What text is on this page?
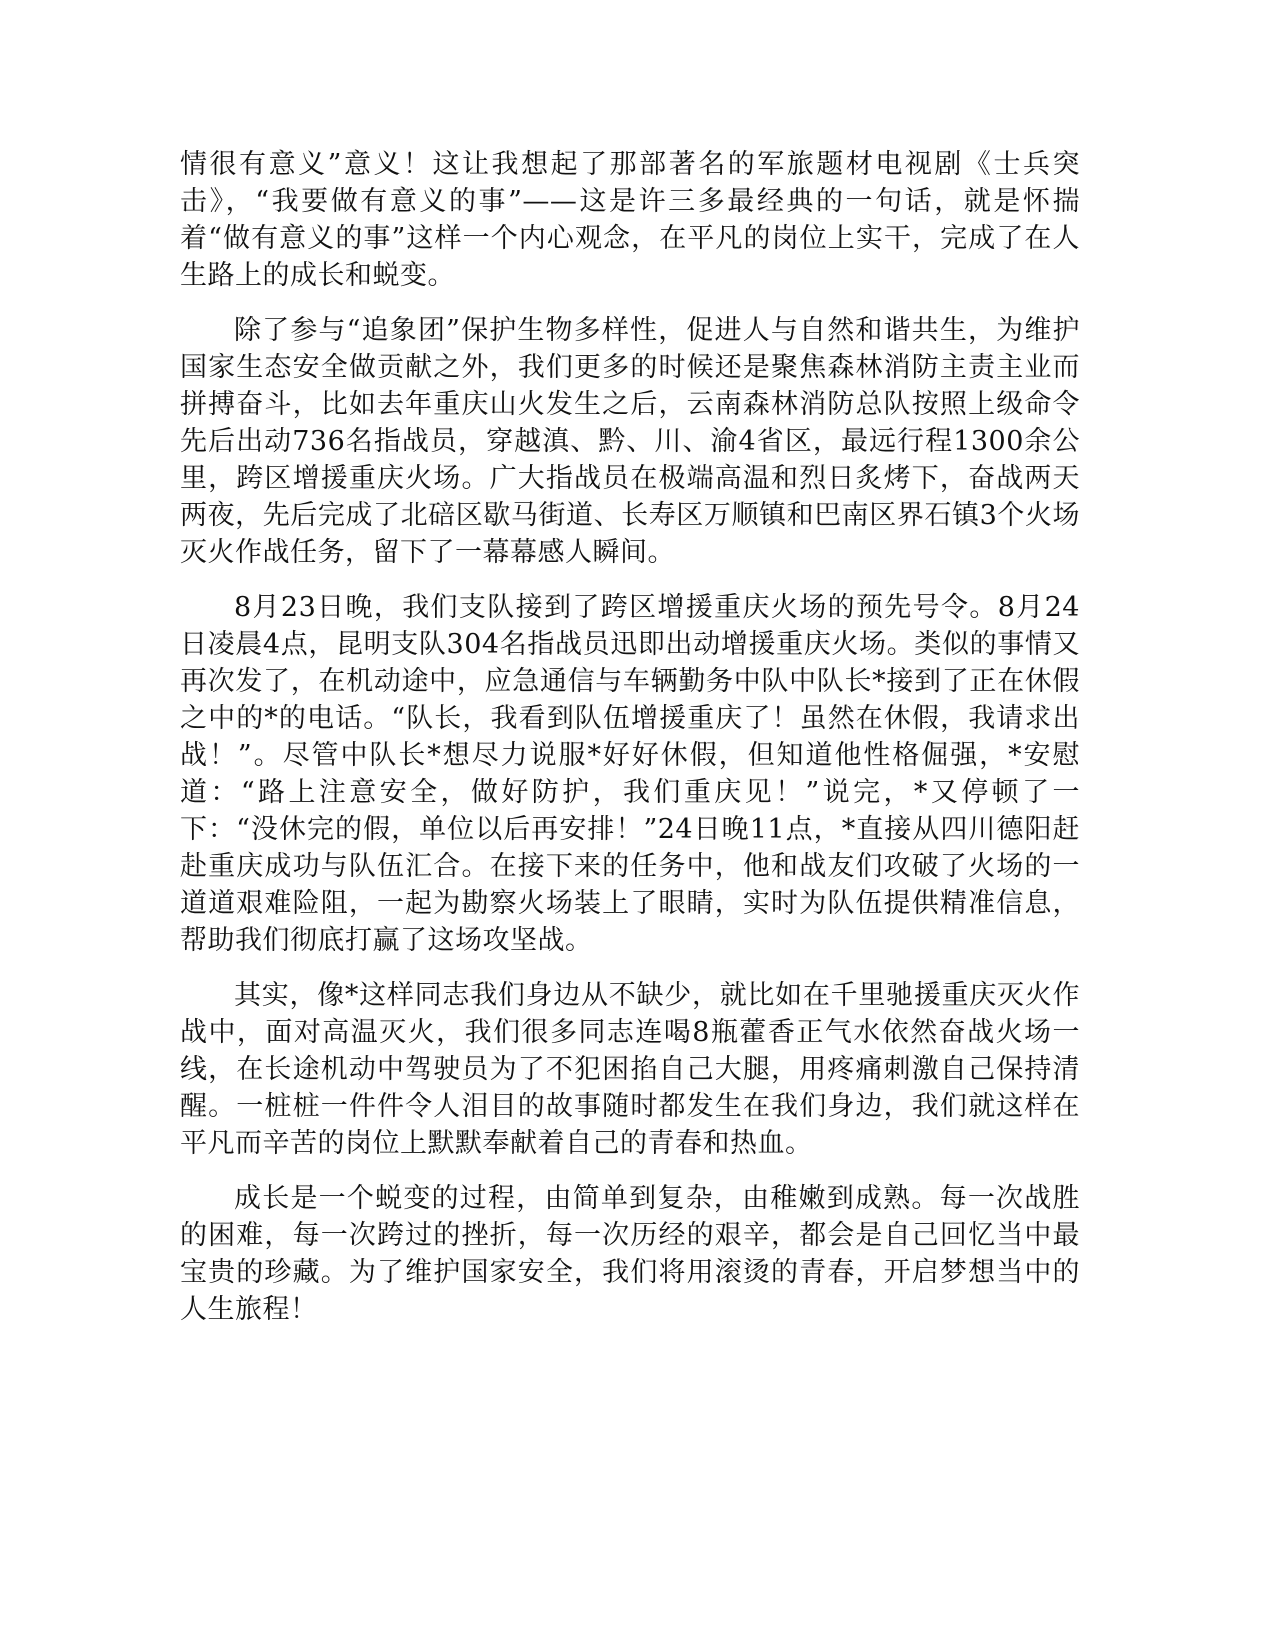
情很有意义”意义！这让我想起了那部著名的军旅题材电视剧《士兵突击》，“我要做有意义的事”——这是许三多最经典的一句话，就是怀揣着“做有意义的事”这样一个内心观念，在平凡的岗位上实干，完成了在人生路上的成长和蜕变。

除了参与“追象团”保护生物多样性，促进人与自然和谐共生，为维护国家生态安全做贡献之外，我们更多的时候还是聚焦森林消防主责主业而拼搏奋斗，比如去年重庆山火发生之后，云南森林消防总队按照上级命令先后出动736名指战员，穿越滇、黔、川、渝4省区，最远行程1300余公里，跨区增援重庆火场。广大指战员在极端高温和烈日炙烤下，奋战两天两夜，先后完成了北碚区歇马街道、长寿区万顺镇和巴南区界石镇3个火场灭火作战任务，留下了一幕幕感人瞬间。

8月23日晚，我们支队接到了跨区增援重庆火场的预先号令。8月24日凌晨4点，昆明支队304名指战员迅即出动增援重庆火场。类似的事情又再次发了，在机动途中，应急通信与车辆勤务中队中队长*接到了正在休假之中的*的电话。“队长，我看到队伍增援重庆了！虽然在休假，我请求出战！”。尽管中队长*想尽力说服*好好休假，但知道他性格倔强，*安慰道：“路上注意安全，做好防护，我们重庆见！”说完，*又停顿了一下：“没休完的假，单位以后再安排！”24日晚11点，*直接从四川德阳赶赴重庆成功与队伍汇合。在接下来的任务中，他和战友们攻破了火场的一道道艰难险阻，一起为勘察火场装上了眼睛，实时为队伍提供精准信息，帮助我们彻底打赢了这场攻坚战。

其实，像*这样同志我们身边从不缺少，就比如在千里驰援重庆灭火作战中，面对高温灭火，我们很多同志连喝8瓶藿香正气水依然奋战火场一线，在长途机动中驾驶员为了不犯困掐自己大腿，用疼痛刺激自己保持清醒。一桩桩一件件令人泪目的故事随时都发生在我们身边，我们就这样在平凡而辛苦的岗位上默默奉献着自己的青春和热血。

成长是一个蜕变的过程，由简单到复杂，由稚嫩到成熟。每一次战胜的困难，每一次跨过的挫折，每一次历经的艰辛，都会是自己回忆当中最宝贵的珍藏。为了维护国家安全，我们将用滚烫的青春，开启梦想当中的人生旅程！
